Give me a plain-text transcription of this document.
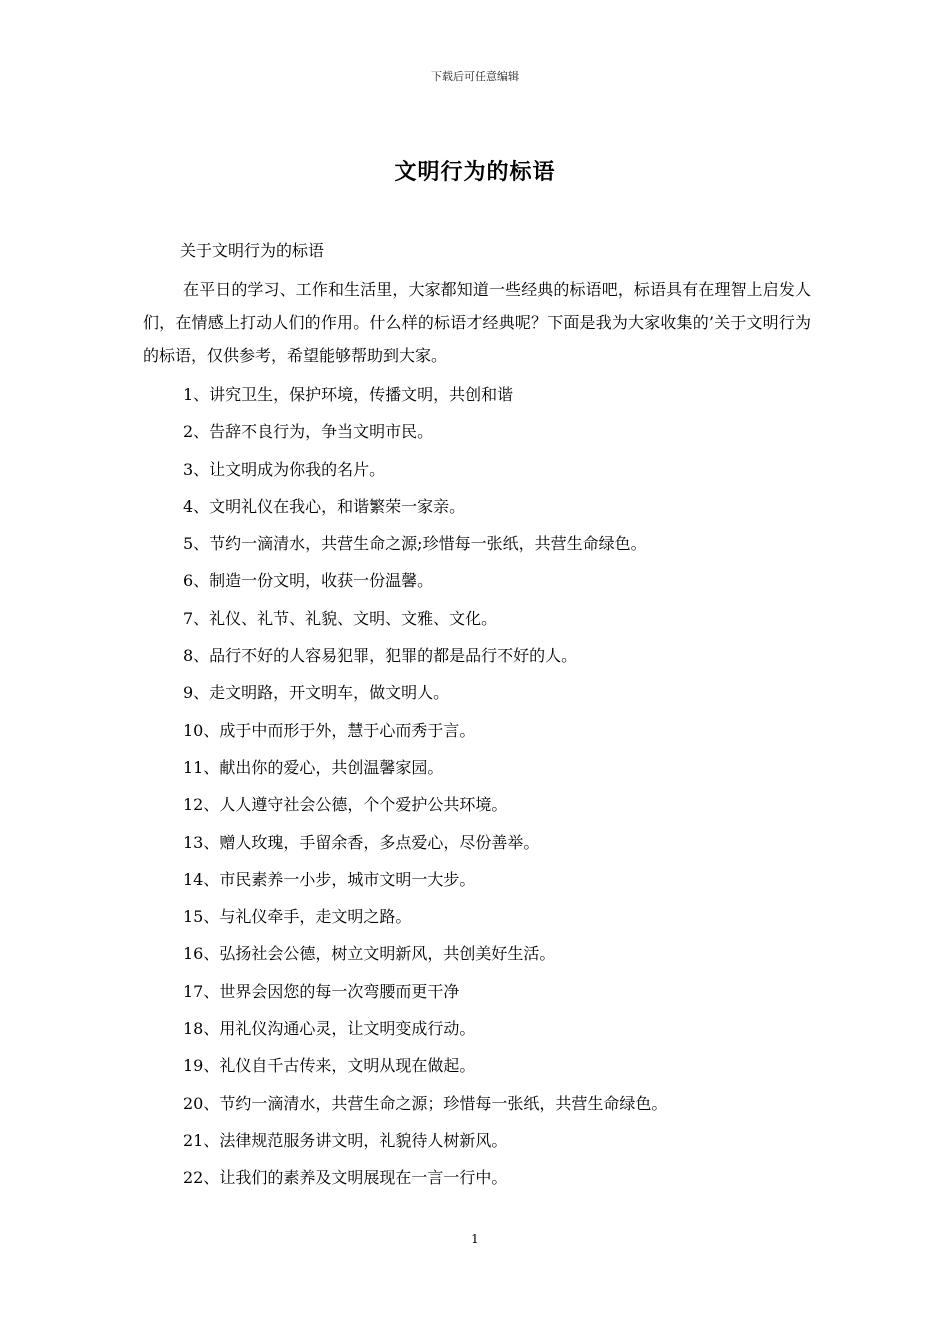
下载后可任意编辑
文明行为的标语
关于文明行为的标语
在平日的学习、工作和生活里，大家都知道一些经典的标语吧，标语具有在理智上启发人们，在情感上打动人们的作用。什么样的标语才经典呢？下面是我为大家收集的’关于文明行为的标语，仅供参考，希望能够帮助到大家。
1、讲究卫生，保护环境，传播文明，共创和谐
2、告辞不良行为，争当文明市民。
3、让文明成为你我的名片。
4、文明礼仪在我心，和谐繁荣一家亲。
5、节约一滴清水，共营生命之源;珍惜每一张纸，共营生命绿色。
6、制造一份文明，收获一份温馨。
7、礼仪、礼节、礼貌、文明、文雅、文化。
8、品行不好的人容易犯罪，犯罪的都是品行不好的人。
9、走文明路，开文明车，做文明人。
10、成于中而形于外，慧于心而秀于言。
11、献出你的爱心，共创温馨家园。
12、人人遵守社会公德，个个爱护公共环境。
13、赠人玫瑰，手留余香，多点爱心，尽份善举。
14、市民素养一小步，城市文明一大步。
15、与礼仪牵手，走文明之路。
16、弘扬社会公德，树立文明新风，共创美好生活。
17、世界会因您的每一次弯腰而更干净
18、用礼仪沟通心灵，让文明变成行动。
19、礼仪自千古传来，文明从现在做起。
20、节约一滴清水，共营生命之源；珍惜每一张纸，共营生命绿色。
21、法律规范服务讲文明，礼貌待人树新风。
22、让我们的素养及文明展现在一言一行中。
1
